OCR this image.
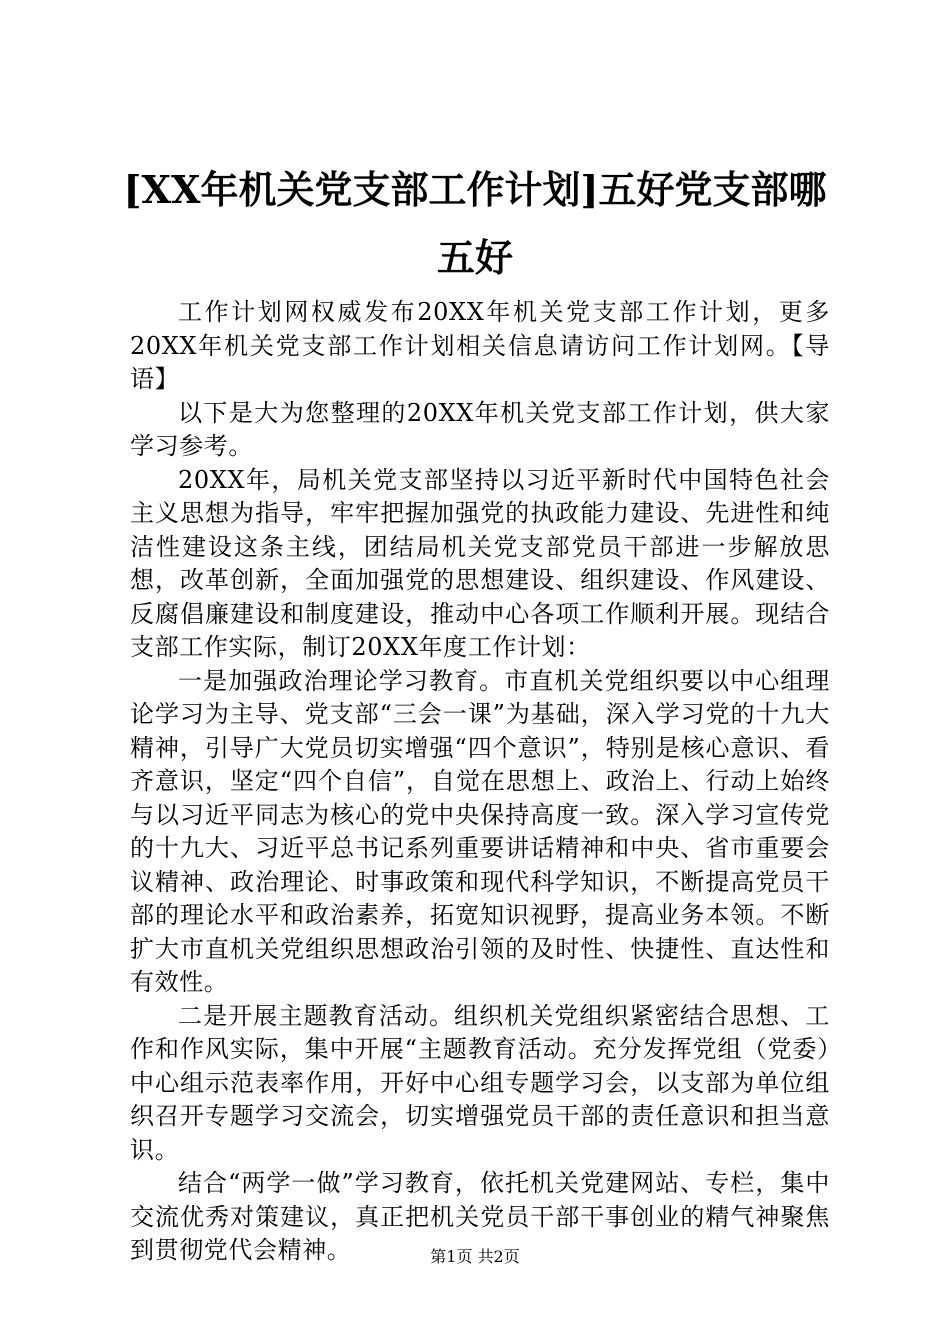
[XX年机关党支部工作计划]五好党支部哪五好

工作计划网权威发布20XX年机关党支部工作计划，更多20XX年机关党支部工作计划相关信息请访问工作计划网。【导语】

以下是大为您整理的20XX年机关党支部工作计划，供大家学习参考。

20XX年，局机关党支部坚持以习近平新时代中国特色社会主义思想为指导，牢牢把握加强党的执政能力建设、先进性和纯洁性建设这条主线，团结局机关党支部党员干部进一步解放思想，改革创新，全面加强党的思想建设、组织建设、作风建设、反腐倡廉建设和制度建设，推动中心各项工作顺利开展。现结合支部工作实际，制订20XX年度工作计划：

一是加强政治理论学习教育。市直机关党组织要以中心组理论学习为主导、党支部“三会一课”为基础，深入学习党的十九大精神，引导广大党员切实增强“四个意识”，特别是核心意识、看齐意识，坚定“四个自信”，自觉在思想上、政治上、行动上始终与以习近平同志为核心的党中央保持高度一致。深入学习宣传党的十九大、习近平总书记系列重要讲话精神和中央、省市重要会议精神、政治理论、时事政策和现代科学知识，不断提高党员干部的理论水平和政治素养，拓宽知识视野，提高业务本领。不断扩大市直机关党组织思想政治引领的及时性、快捷性、直达性和有效性。

二是开展主题教育活动。组织机关党组织紧密结合思想、工作和作风实际，集中开展“主题教育活动。充分发挥党组（党委）中心组示范表率作用，开好中心组专题学习会，以支部为单位组织召开专题学习交流会，切实增强党员干部的责任意识和担当意识。

结合“两学一做”学习教育，依托机关党建网站、专栏，集中交流优秀对策建议，真正把机关党员干部干事创业的精气神聚焦到贯彻党代会精神。	第1页 共2页
